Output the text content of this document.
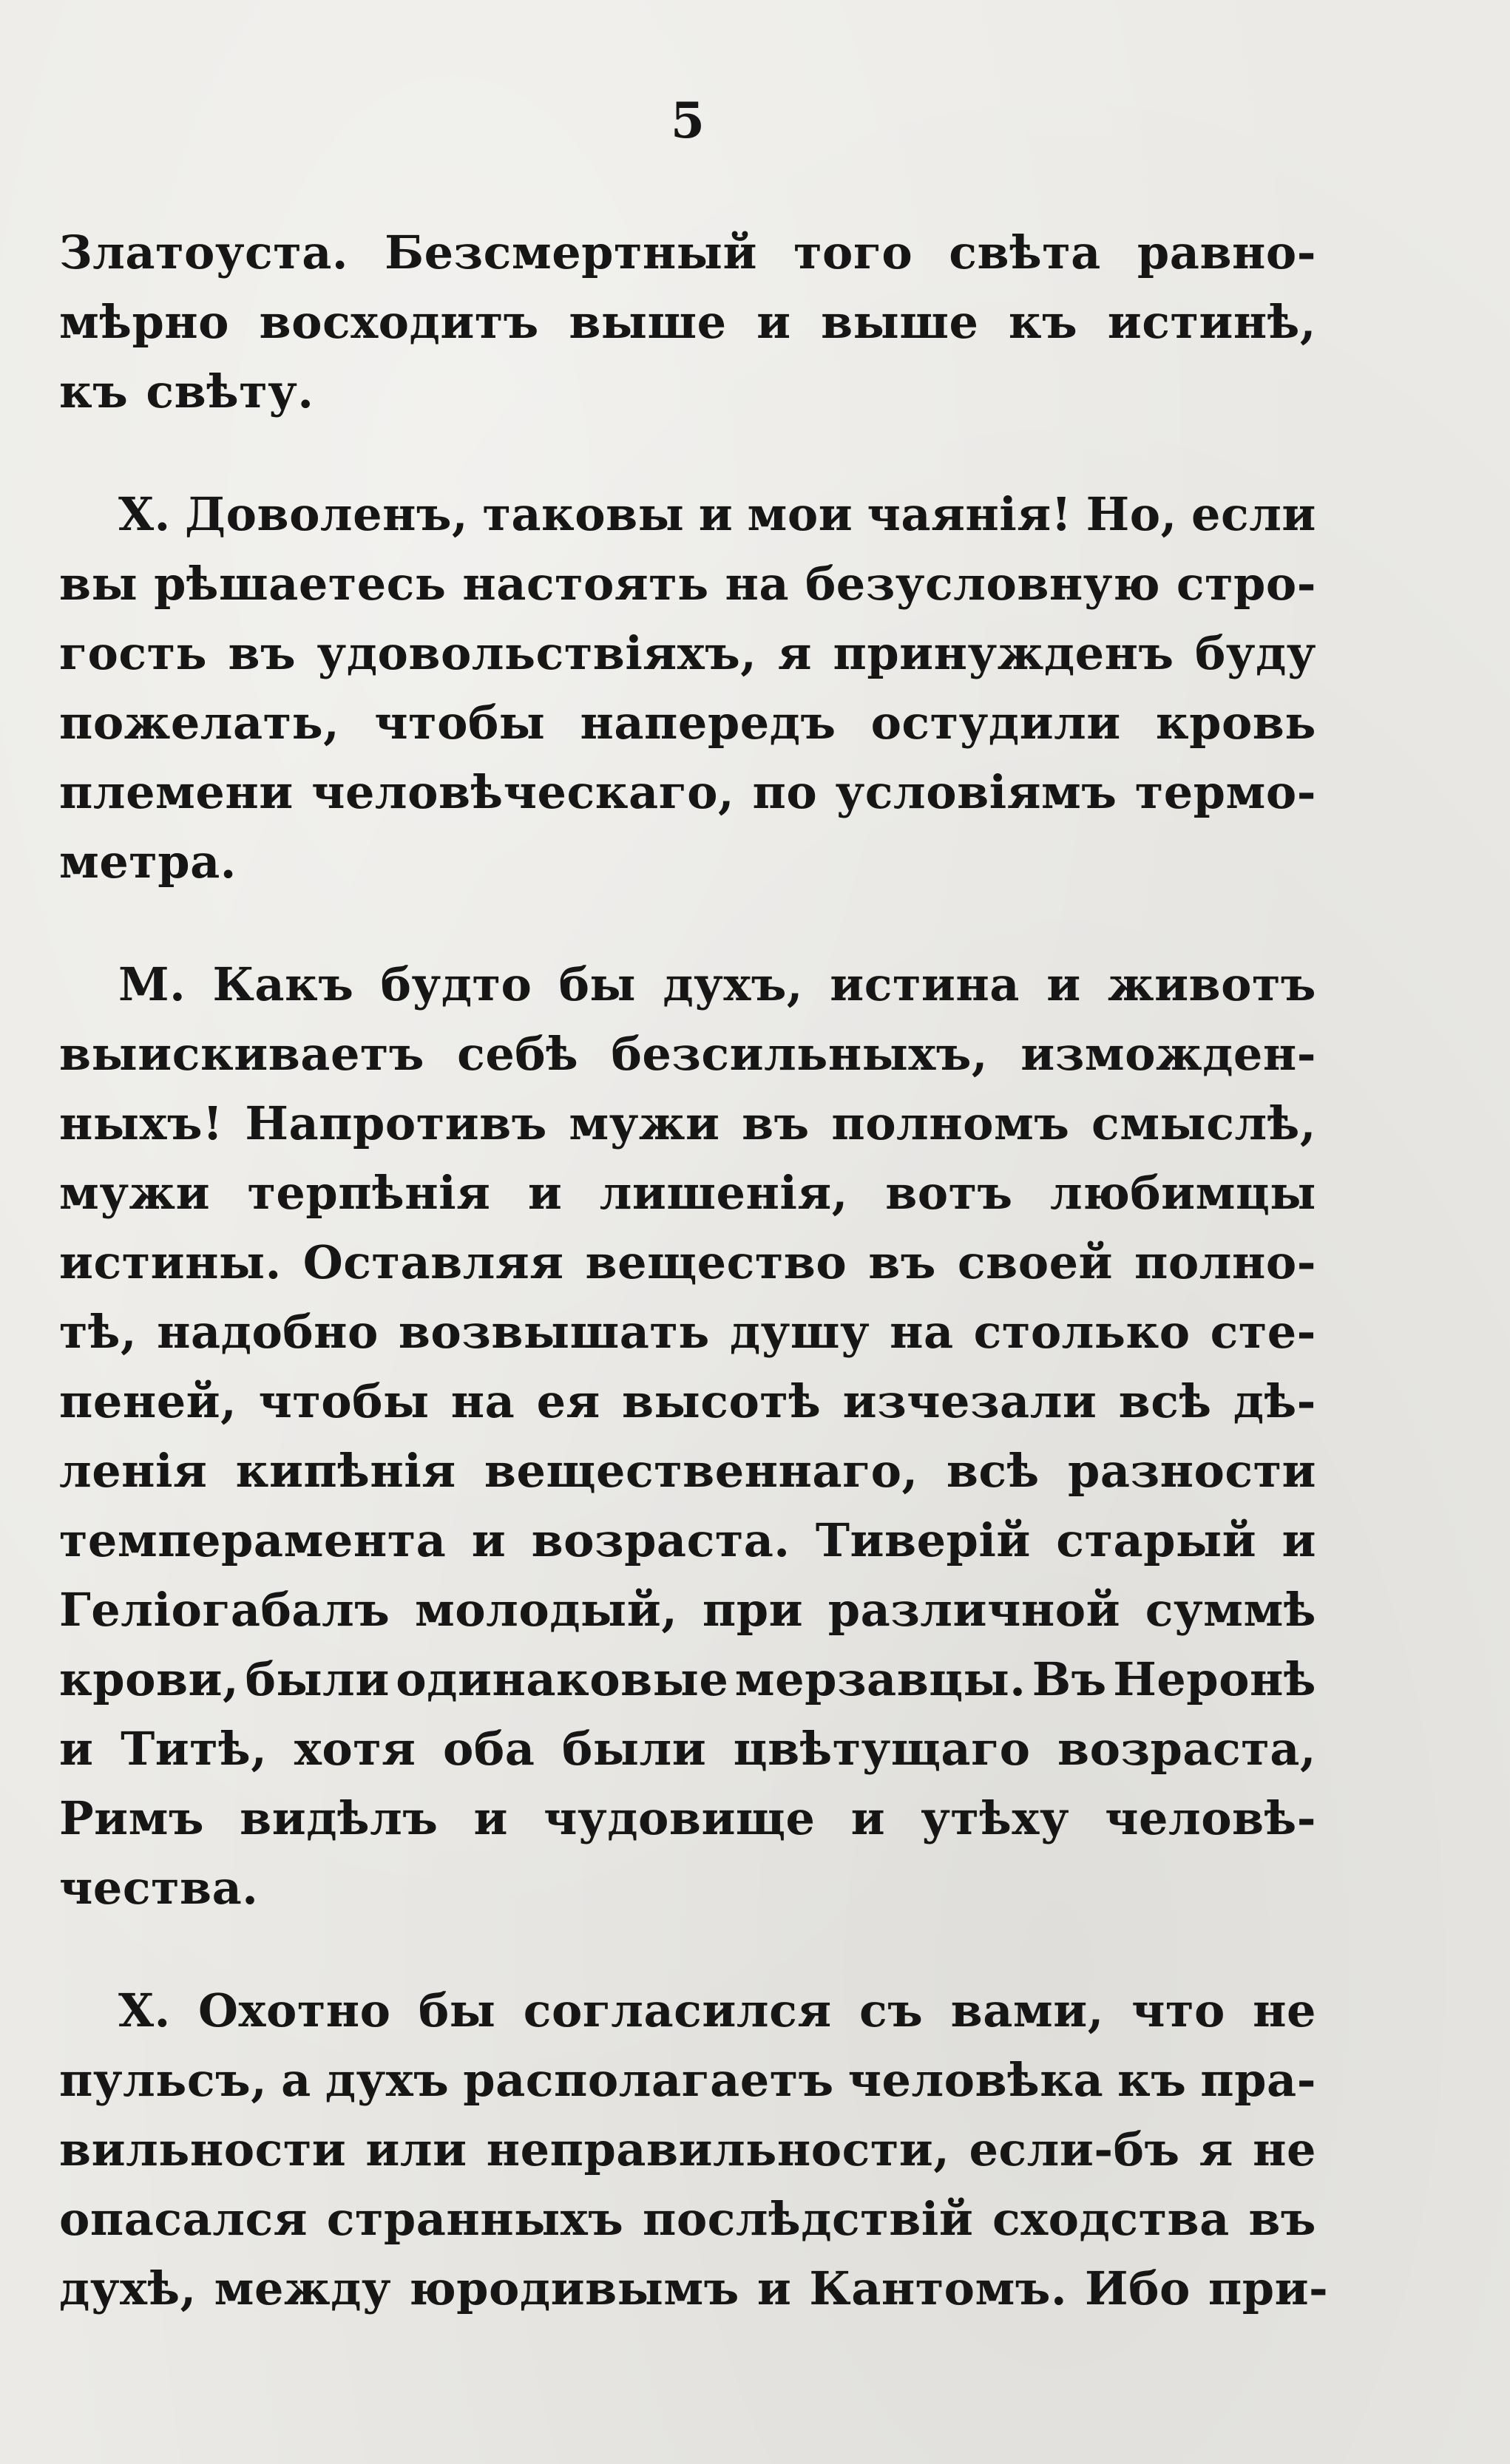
5
Златоуста. Безсмертный того свѣта равно-
мѣрно восходитъ выше и выше къ истинѣ,
къ свѣту.
Х. Доволенъ, таковы и мои чаянія! Но, если
вы рѣшаетесь настоять на безусловную стро-
гость въ удовольствіяхъ, я принужденъ буду
пожелать, чтобы напередъ остудили кровь
племени человѣческаго, по условіямъ термо-
метра.
М. Какъ будто бы духъ, истина и животъ
выискиваетъ себѣ безсильныхъ, изможден-
ныхъ! Напротивъ мужи въ полномъ смыслѣ,
мужи терпѣнія и лишенія, вотъ любимцы
истины. Оставляя вещество въ своей полно-
тѣ, надобно возвышать душу на столько сте-
пеней, чтобы на ея высотѣ изчезали всѣ дѣ-
ленія кипѣнія вещественнаго, всѣ разности
темперамента и возраста. Тиверій старый и
Геліогабалъ молодый, при различной суммѣ
крови, были одинаковые мерзавцы. Въ Неронѣ
и Титѣ, хотя оба были цвѣтущаго возраста,
Римъ видѣлъ и чудовище и утѣху человѣ-
чества.
Х. Охотно бы согласился съ вами, что не
пульсъ, а духъ располагаетъ человѣка къ пра-
вильности или неправильности, если-бъ я не
опасался странныхъ послѣдствій сходства въ
духѣ, между юродивымъ и Кантомъ. Ибо при-
